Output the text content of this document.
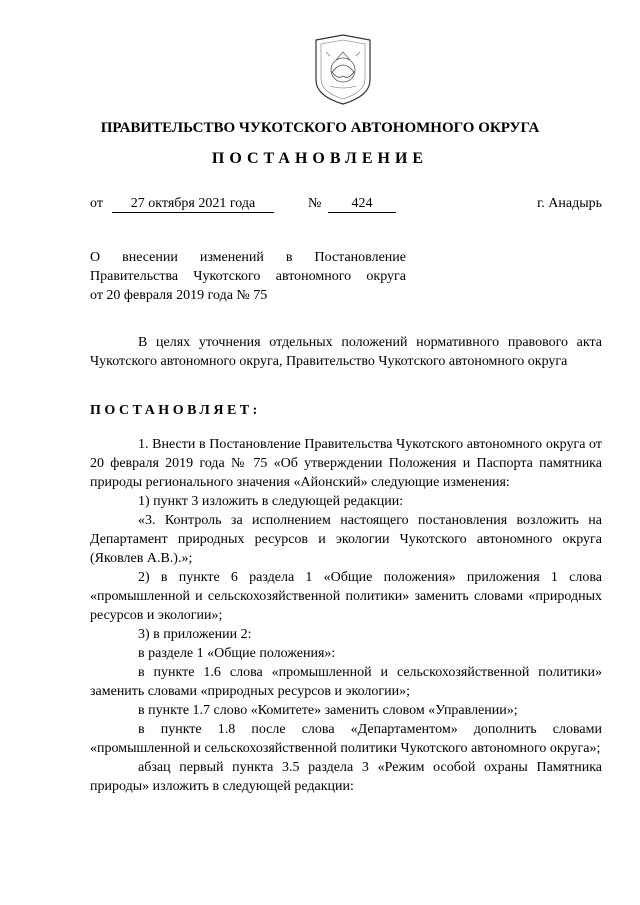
ПРАВИТЕЛЬСТВО ЧУКОТСКОГО АВТОНОМНОГО ОКРУГА
ПОСТАНОВЛЕНИЕ
от	27 октября 2021 года	№	424	г. Анадырь
О внесении изменений в Постановление
Правительства Чукотского автономного округа
от 20 февраля 2019 года № 75

В целях уточнения отдельных положений нормативного правового акта Чукотского автономного округа, Правительство Чукотского автономного округа

ПОСТАНОВЛЯЕТ:

1. Внести в Постановление Правительства Чукотского автономного округа от 20 февраля 2019 года № 75 «Об утверждении Положения и Паспорта памятника природы регионального значения «Айонский» следующие изменения:

1) пункт 3 изложить в следующей редакции:

«3. Контроль за исполнением настоящего постановления возложить на Департамент природных ресурсов и экологии Чукотского автономного округа (Яковлев А.В.).»;

2) в пункте 6 раздела 1 «Общие положения» приложения 1 слова «промышленной и сельскохозяйственной политики» заменить словами «природных ресурсов и экологии»;

3) в приложении 2:

в разделе 1 «Общие положения»:

в пункте 1.6 слова «промышленной и сельскохозяйственной политики» заменить словами «природных ресурсов и экологии»;

в пункте 1.7 слово «Комитете» заменить словом «Управлении»;

в пункте 1.8 после слова «Департаментом» дополнить словами «промышленной и сельскохозяйственной политики Чукотского автономного округа»;

абзац первый пункта 3.5 раздела 3 «Режим особой охраны Памятника природы» изложить в следующей редакции:
